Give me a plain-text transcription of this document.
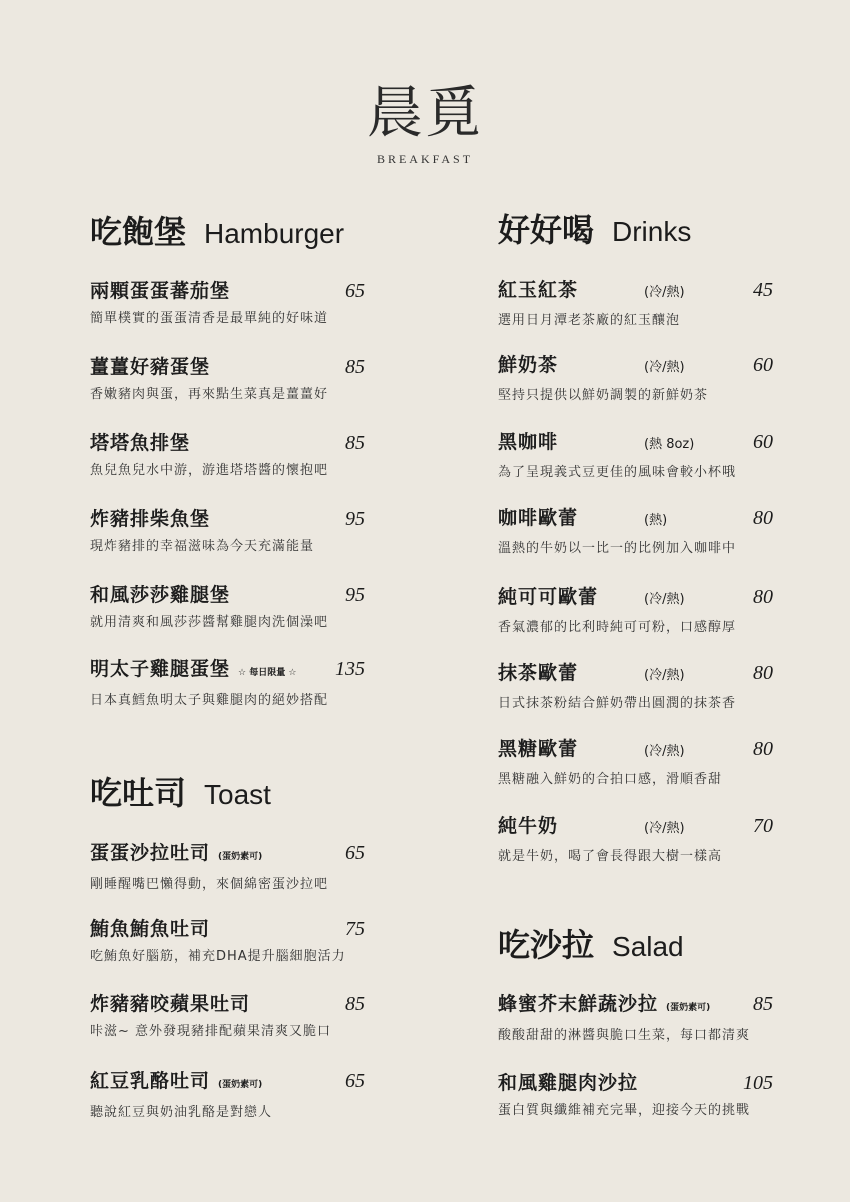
晨覓
BREAKFAST
吃飽堡 Hamburger
兩顆蛋蛋蕃茄堡	65
簡單樸實的蛋蛋清香是最單純的好味道
薑薑好豬蛋堡	85
香嫩豬肉與蛋，再來點生菜真是薑薑好
塔塔魚排堡	85
魚兒魚兒水中游，游進塔塔醬的懷抱吧
炸豬排柴魚堡	95
現炸豬排的幸福滋味為今天充滿能量
和風莎莎雞腿堡	95
就用清爽和風莎莎醬幫雞腿肉洗個澡吧
明太子雞腿蛋堡 ☆ 每日限量 ☆	135
日本真鱈魚明太子與雞腿肉的絕妙搭配
吃吐司 Toast
蛋蛋沙拉吐司 (蛋奶素可)	65
剛睡醒嘴巴懶得動，來個綿密蛋沙拉吧
鮪魚鮪魚吐司	75
吃鮪魚好腦筋，補充DHA提升腦細胞活力
炸豬豬咬蘋果吐司	85
咔滋~ 意外發現豬排配蘋果清爽又脆口
紅豆乳酪吐司 (蛋奶素可)	65
聽說紅豆與奶油乳酪是對戀人
好好喝 Drinks
紅玉紅茶	(冷/熱)	45
選用日月潭老茶廠的紅玉釀泡
鮮奶茶	(冷/熱)	60
堅持只提供以鮮奶調製的新鮮奶茶
黑咖啡	(熱 8oz)	60
為了呈現義式豆更佳的風味會較小杯哦
咖啡歐蕾	(熱)	80
溫熱的牛奶以一比一的比例加入咖啡中
純可可歐蕾	(冷/熱)	80
香氣濃郁的比利時純可可粉，口感醇厚
抹茶歐蕾	(冷/熱)	80
日式抹茶粉結合鮮奶帶出圓潤的抹茶香
黑糖歐蕾	(冷/熱)	80
黑糖融入鮮奶的合拍口感，滑順香甜
純牛奶	(冷/熱)	70
就是牛奶，喝了會長得跟大樹一樣高
吃沙拉 Salad
蜂蜜芥末鮮蔬沙拉 (蛋奶素可)	85
酸酸甜甜的淋醬與脆口生菜，每口都清爽
和風雞腿肉沙拉	105
蛋白質與纖維補充完畢，迎接今天的挑戰
